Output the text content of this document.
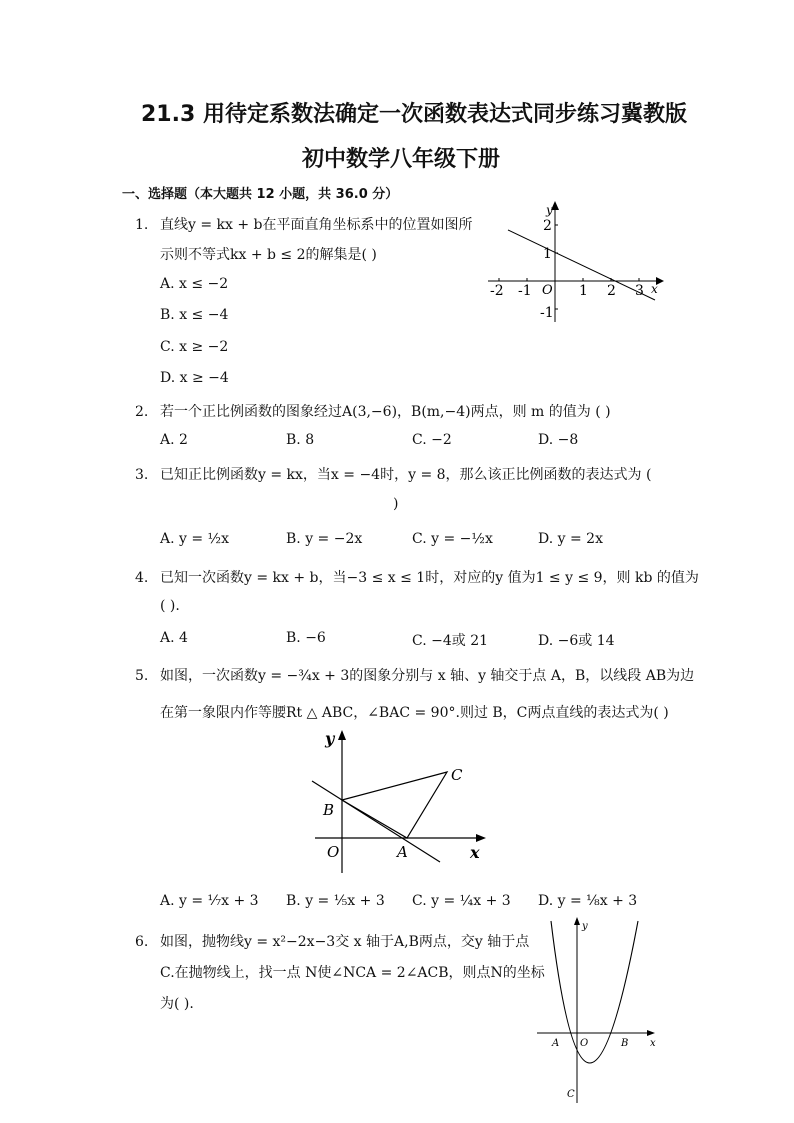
21.3 用待定系数法确定一次函数表达式同步练习冀教版
初中数学八年级下册
一、选择题（本大题共 12 小题，共 36.0 分）
1. 直线y = kx + b在平面直角坐标系中的位置如图所
示则不等式kx + b ≤ 2的解集是( )
A. x ≤ −2
B. x ≤ −4
C. x ≥ −2
D. x ≥ −4
y
x
O
2
1
-1
-2 -1	1 2 3
2. 若一个正比例函数的图象经过A(3,−6)，B(m,−4)两点，则 m 的值为 ( )
A. 2	B. 8	C. −2	D. −8
3. 已知正比例函数y = kx，当x = −4时，y = 8，那么该正比例函数的表达式为 (
)
A. y = ½x	B. y = −2x	C. y = −½x	D. y = 2x
4. 已知一次函数y = kx + b，当−3 ≤ x ≤ 1时，对应的y 值为1 ≤ y ≤ 9，则 kb 的值为
( ).
A. 4	B. −6	C. −4或 21	D. −6或 14
5. 如图，一次函数y = −¾x + 3的图象分别与 x 轴、y 轴交于点 A，B，以线段 AB为边
在第一象限内作等腰Rt △ ABC，∠BAC = 90°.则过 B，C两点直线的表达式为( )
y
x
O
B
A
C
A. y = ⅐x + 3 B. y = ⅕x + 3 C. y = ¼x + 3 D. y = ⅛x + 3
6. 如图，抛物线y = x²−2x−3交 x 轴于A,B两点，交y 轴于点
C.在抛物线上，找一点 N使∠NCA = 2∠ACB，则点N的坐标
为( ).
y
x
O
A	B
C
